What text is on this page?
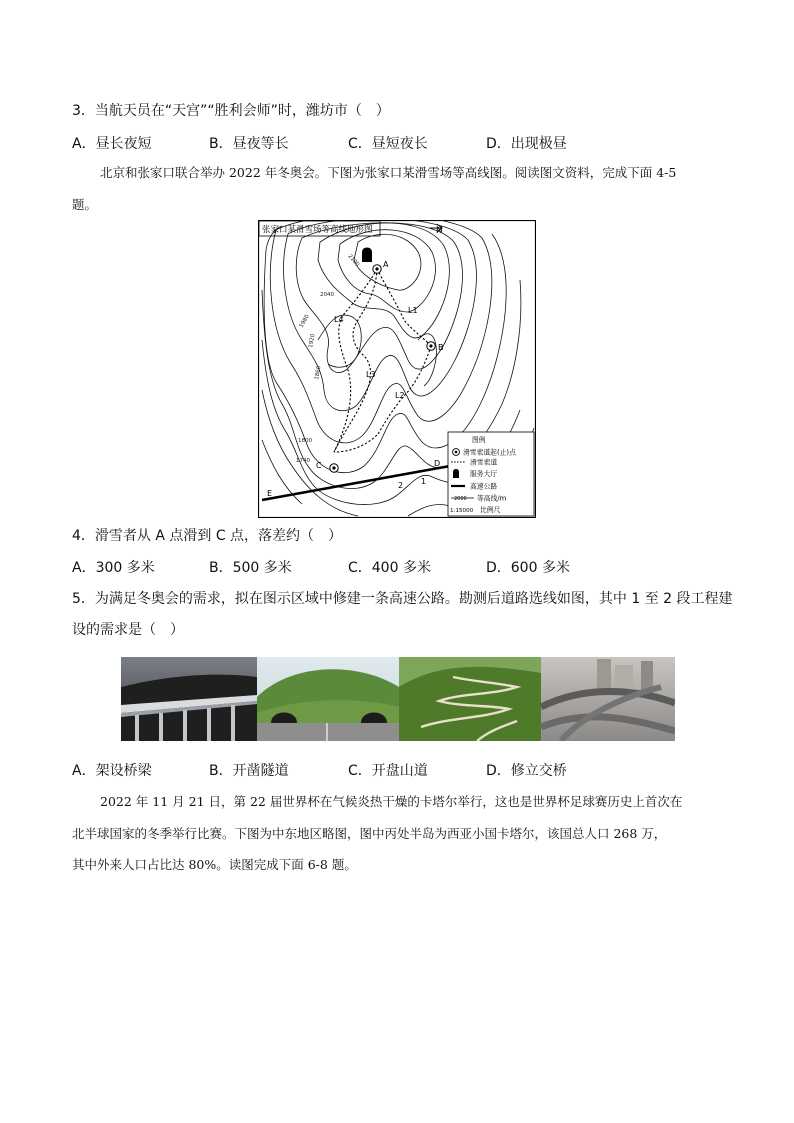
3．当航天员在“天宫”“胜利会师”时，潍坊市（　）
A．昼长夜短	B．昼夜等长	C．昼短夜长	D．出现极昼
北京和张家口联合举办 2022 年冬奥会。下图为张家口某滑雪场等高线图。阅读图文资料，完成下面 4-5
题。
张家口某滑雪场等高线地形图	N
2100
2040
1980
1920
1860
1800
1740
A
B
C	D
E
L1
L2
L3
L4
2 1
图例
滑雪索道起(止)点
滑雪索道
服务大厅
高速公路
2000 等高线/m
1:15000 比例尺
4．滑雪者从 A 点滑到 C 点，落差约（　）
A．300 多米	B．500 多米	C．400 多米	D．600 多米
5．为满足冬奥会的需求，拟在图示区域中修建一条高速公路。勘测后道路选线如图，其中 1 至 2 段工程建
设的需求是（　）
A．架设桥梁	B．开凿隧道	C．开盘山道	D．修立交桥
2022 年 11 月 21 日，第 22 届世界杯在气候炎热干燥的卡塔尔举行，这也是世界杯足球赛历史上首次在
北半球国家的冬季举行比赛。下图为中东地区略图，图中丙处半岛为西亚小国卡塔尔，该国总人口 268 万，
其中外来人口占比达 80%。读图完成下面 6-8 题。
